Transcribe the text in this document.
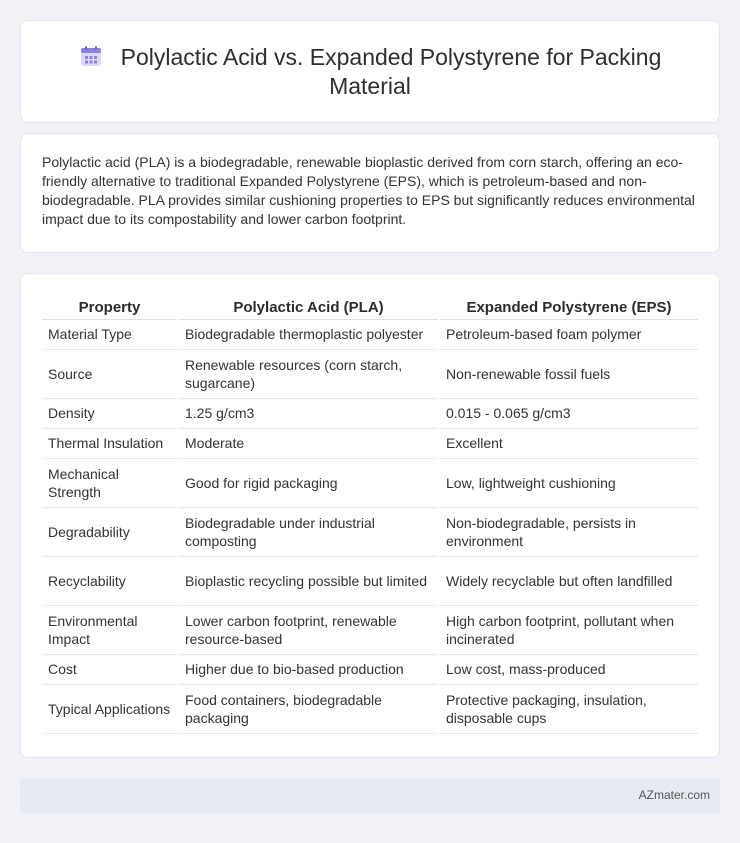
Polylactic Acid vs. Expanded Polystyrene for Packing Material

Polylactic acid (PLA) is a biodegradable, renewable bioplastic derived from corn starch, offering an eco-friendly alternative to traditional Expanded Polystyrene (EPS), which is petroleum-based and non-biodegradable. PLA provides similar cushioning properties to EPS but significantly reduces environmental impact due to its compostability and lower carbon footprint.

Property	Polylactic Acid (PLA)	Expanded Polystyrene (EPS)
Material Type	Biodegradable thermoplastic polyester	Petroleum-based foam polymer
Source	Renewable resources (corn starch, sugarcane)	Non-renewable fossil fuels
Density	1.25 g/cm3	0.015 - 0.065 g/cm3
Thermal Insulation	Moderate	Excellent
Mechanical Strength	Good for rigid packaging	Low, lightweight cushioning
Degradability	Biodegradable under industrial composting	Non-biodegradable, persists in environment
Recyclability	Bioplastic recycling possible but limited	Widely recyclable but often landfilled
Environmental Impact	Lower carbon footprint, renewable resource-based	High carbon footprint, pollutant when incinerated
Cost	Higher due to bio-based production	Low cost, mass-produced
Typical Applications	Food containers, biodegradable packaging	Protective packaging, insulation, disposable cups
AZmater.com
